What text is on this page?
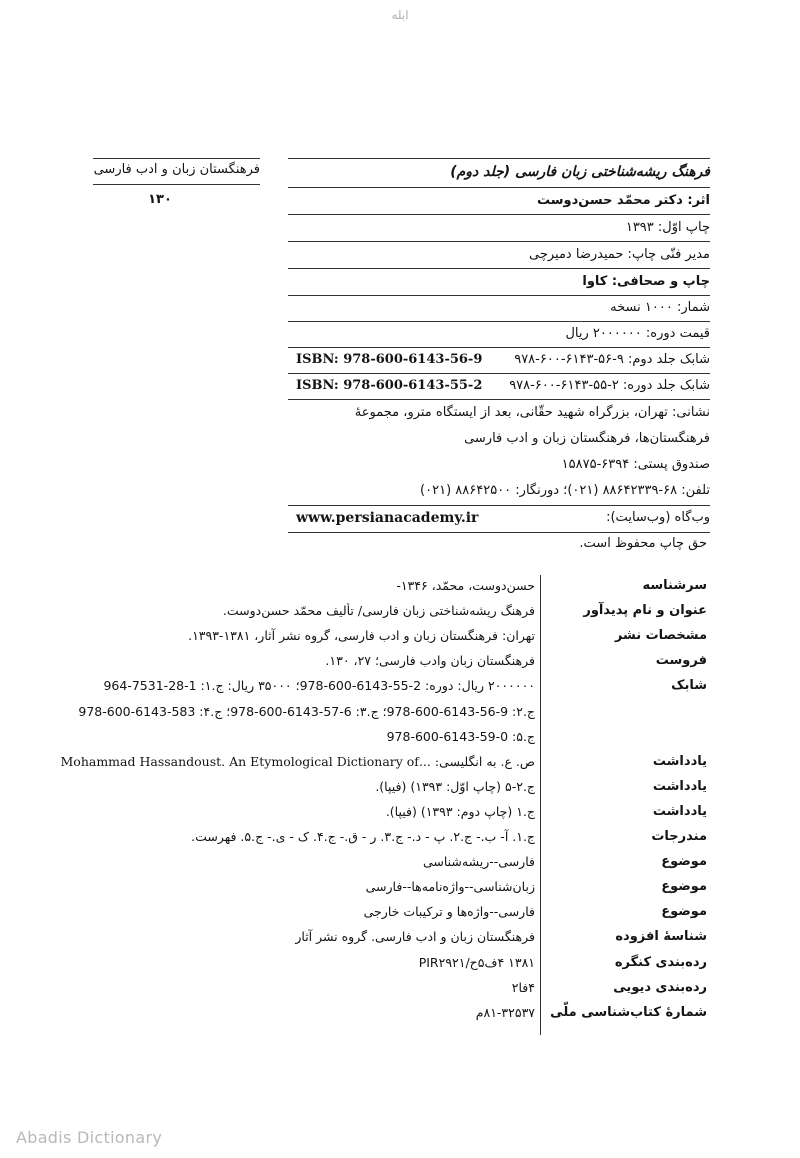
ابله
فرهنگستان زبان و ادب فارسی
۱۳۰
فرهنگ ریشه‌شناختی زبان فارسی (جلد دوم)
اثر: دکتر محمّد حسن‌دوست
چاپ اوّل: ۱۳۹۳
مدیر فنّی چاپ: حمیدرضا دمیرچی
چاپ و صحافی: کاوا
شمار: ۱۰۰۰ نسخه
قیمت دوره: ۲۰۰۰۰۰۰ ریال
شابک جلد دوم: ۹-۵۶-۶۱۴۳-۶۰۰-۹۷۸
ISBN: 978-600-6143-56-9
شابک جلد دوره: ۲-۵۵-۶۱۴۳-۶۰۰-۹۷۸
ISBN: 978-600-6143-55-2
نشانی: تهران، بزرگراه شهید حقّانی، بعد از ایستگاه مترو، مجموعهٔ
فرهنگستان‌ها، فرهنگستان زبان و ادب فارسی
صندوق پستی: ۶۳۹۴-۱۵۸۷۵
تلفن: ۶۸-۸۸۶۴۲۳۳۹ (۰۲۱)؛ دورنگار: ۸۸۶۴۲۵۰۰ (۰۲۱)
وب‌گاه (وب‌سایت):
www.persianacademy.ir
حق چاپ محفوظ است.
سرشناسه
حسن‌دوست، محمّد، ۱۳۴۶-
عنوان و نام پدیدآور
فرهنگ ریشه‌شناختی زبان فارسی/ تألیف محمّد حسن‌دوست.
مشخصات نشر
تهران: فرهنگستان زبان و ادب فارسی، گروه نشر آثار، ۱۳۸۱-۱۳۹۳.
فروست
فرهنگستان زبان وادب فارسی؛ ۲۷، ۱۳۰.
شابک
۲۰۰۰۰۰۰ ریال: دوره: 2-55-6143-600-978؛ ۳۵۰۰۰ ریال: ج.۱: 1-28-7531-964
ج.۲: 9-56-6143-600-978؛ ج.۳: 6-57-6143-600-978؛ ج.۴: 583-6143-600-978
ج.۵: 0-59-6143-600-978
یادداشت
ص. ع. به انگلیسی: ...Mohammad Hassandoust. An Etymological Dictionary of
یادداشت
ج.۲-۵ (چاپ اوّل: ۱۳۹۳) (فیپا).
یادداشت
ج.۱ (چاپ دوم: ۱۳۹۳) (فیپا).
مندرجات
ج.۱. آ- ب.- ج.۲. پ - د.- ج.۳. ر - ق.- ج.۴. ک - ی.- ج.۵. فهرست.
موضوع
فارسی--ریشه‌شناسی
موضوع
زبان‌شناسی--واژه‌نامه‌ها--فارسی
موضوع
فارسی--واژه‌ها و ترکیبات خارجی
شناسهٔ افزوده
فرهنگستان زبان و ادب فارسی. گروه نشر آثار
رده‌بندی کنگره
۱۳۸۱ ۴ف۵ح/PIR۲۹۲۱
رده‌بندی دیویی
۴فا۲
شمارهٔ کتاب‌شناسی ملّی
۸۱-۳۲۵۳۷م
Abadis Dictionary
